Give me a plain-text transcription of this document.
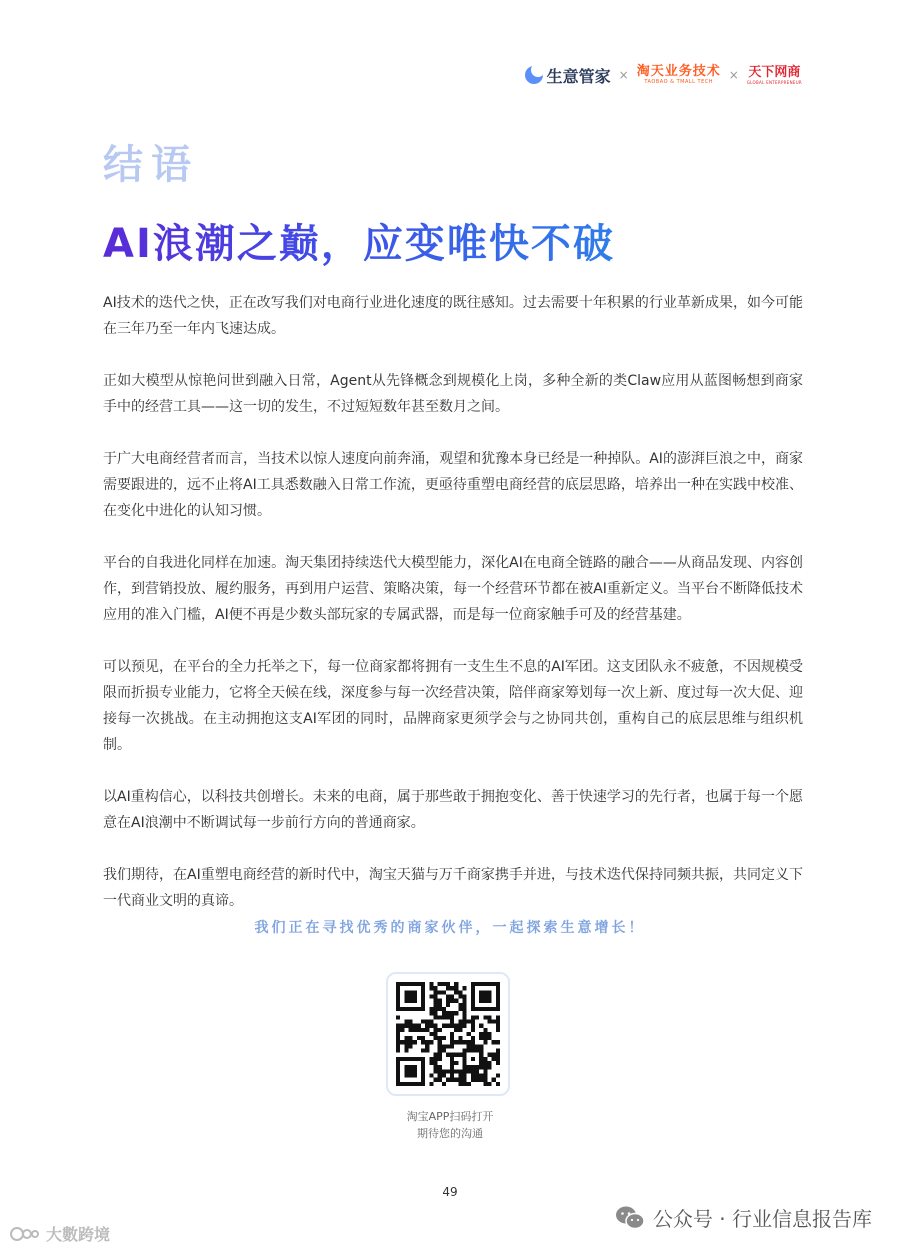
生意管家 × 淘天业务技术
TAOBAO & TMALL TECH × 天下网商
GLOBAL ENTERPRENEUR
结语
AI浪潮之巅，应变唯快不破

AI技术的迭代之快，正在改写我们对电商行业进化速度的既往感知。过去需要十年积累的行业革新成果，如今可能在三年乃至一年内飞速达成。

正如大模型从惊艳问世到融入日常，Agent从先锋概念到规模化上岗，多种全新的类Claw应用从蓝图畅想到商家手中的经营工具——这一切的发生，不过短短数年甚至数月之间。

于广大电商经营者而言，当技术以惊人速度向前奔涌，观望和犹豫本身已经是一种掉队。AI的澎湃巨浪之中，商家需要跟进的，远不止将AI工具悉数融入日常工作流，更亟待重塑电商经营的底层思路，培养出一种在实践中校准、在变化中进化的认知习惯。

平台的自我进化同样在加速。淘天集团持续迭代大模型能力，深化AI在电商全链路的融合——从商品发现、内容创作，到营销投放、履约服务，再到用户运营、策略决策，每一个经营环节都在被AI重新定义。当平台不断降低技术应用的准入门槛，AI便不再是少数头部玩家的专属武器，而是每一位商家触手可及的经营基建。

可以预见，在平台的全力托举之下，每一位商家都将拥有一支生生不息的AI军团。这支团队永不疲惫，不因规模受限而折损专业能力，它将全天候在线，深度参与每一次经营决策，陪伴商家筹划每一次上新、度过每一次大促、迎接每一次挑战。在主动拥抱这支AI军团的同时，品牌商家更须学会与之协同共创，重构自己的底层思维与组织机制。

以AI重构信心，以科技共创增长。未来的电商，属于那些敢于拥抱变化、善于快速学习的先行者，也属于每一个愿意在AI浪潮中不断调试每一步前行方向的普通商家。

我们期待，在AI重塑电商经营的新时代中，淘宝天猫与万千商家携手并进，与技术迭代保持同频共振，共同定义下一代商业文明的真谛。

我们正在寻找优秀的商家伙伴，一起探索生意增长！
淘宝APP扫码打开
期待您的沟通
49
大數跨境
公众号 · 行业信息报告库
